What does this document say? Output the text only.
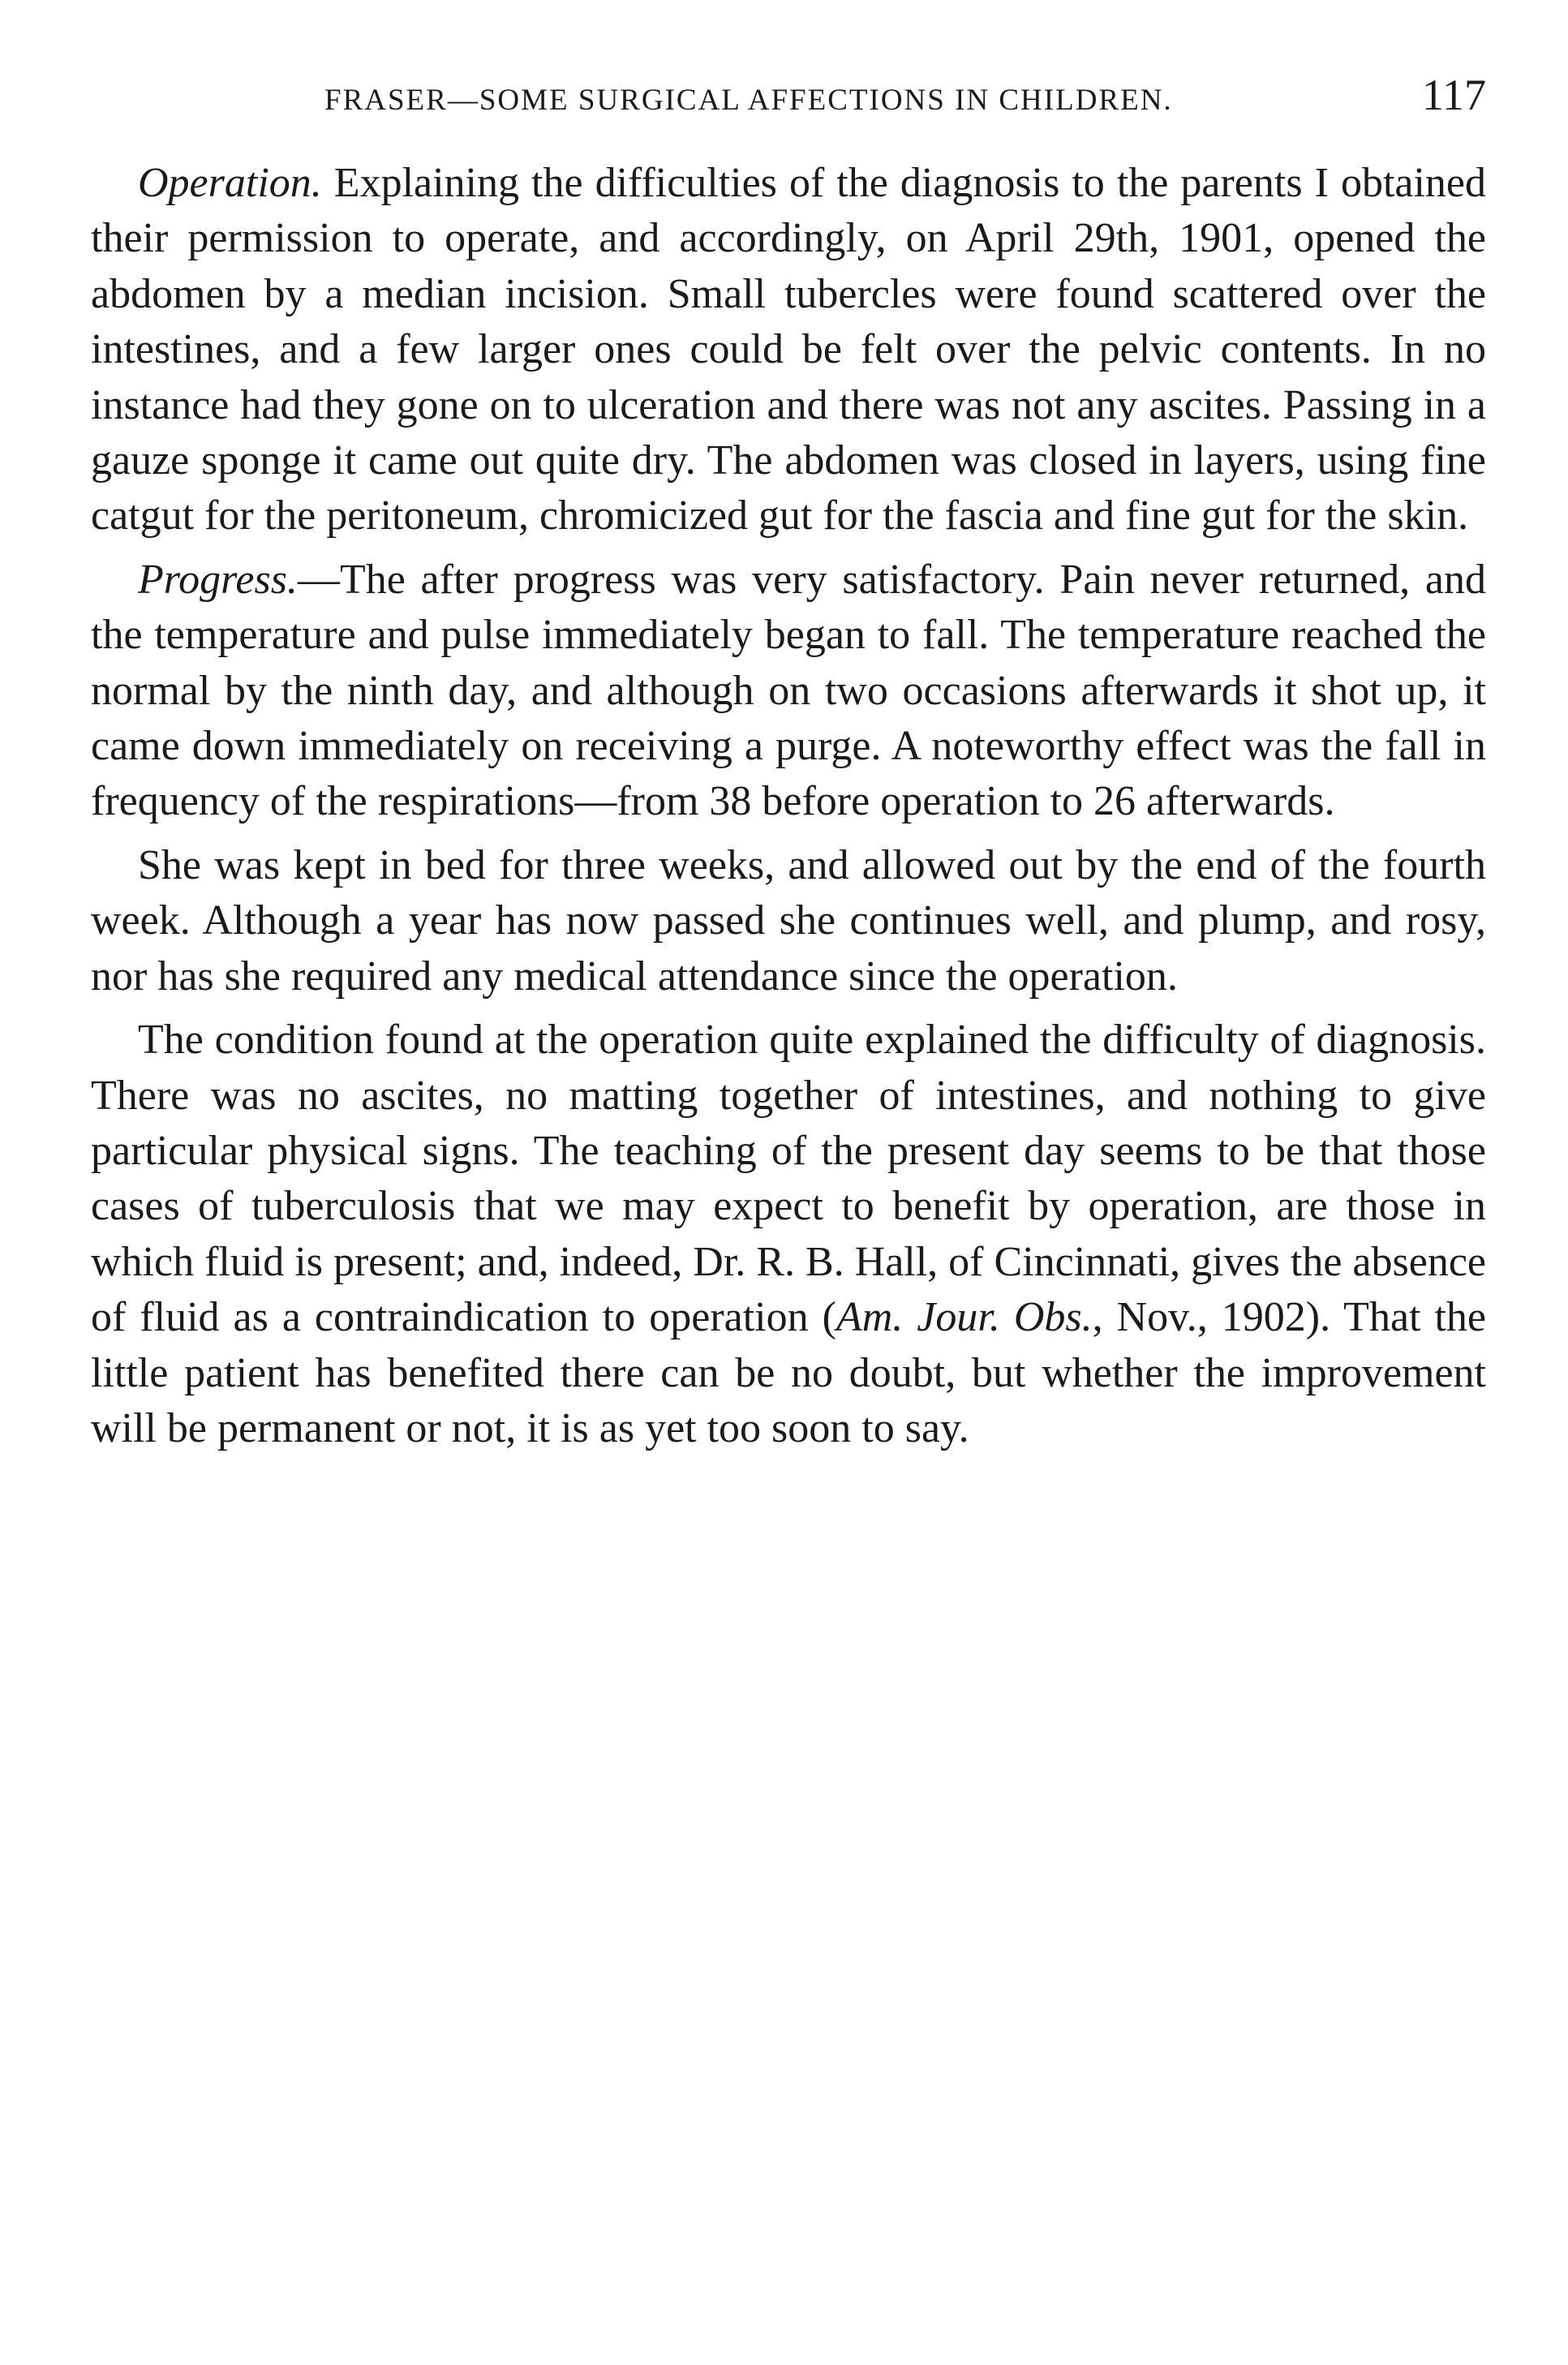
FRASER—SOME SURGICAL AFFECTIONS IN CHILDREN.	117

Operation. Explaining the difficulties of the diagnosis to the parents I obtained their permission to operate, and accordingly, on April 29th, 1901, opened the abdomen by a median incision. Small tubercles were found scattered over the intestines, and a few larger ones could be felt over the pelvic contents. In no instance had they gone on to ulceration and there was not any ascites. Passing in a gauze sponge it came out quite dry. The abdomen was closed in layers, using fine catgut for the peritoneum, chromicized gut for the fascia and fine gut for the skin.

Progress.—The after progress was very satisfactory. Pain never returned, and the temperature and pulse immediately began to fall. The temperature reached the normal by the ninth day, and although on two occasions afterwards it shot up, it came down immediately on receiving a purge. A noteworthy effect was the fall in frequency of the respirations—from 38 before operation to 26 afterwards.

She was kept in bed for three weeks, and allowed out by the end of the fourth week. Although a year has now passed she continues well, and plump, and rosy, nor has she required any medical attendance since the operation.

The condition found at the operation quite explained the difficulty of diagnosis. There was no ascites, no matting together of intestines, and nothing to give particular physical signs. The teaching of the present day seems to be that those cases of tuberculosis that we may expect to benefit by operation, are those in which fluid is present; and, indeed, Dr. R. B. Hall, of Cincinnati, gives the absence of fluid as a contraindication to operation (Am. Jour. Obs., Nov., 1902). That the little patient has benefited there can be no doubt, but whether the improvement will be permanent or not, it is as yet too soon to say.
